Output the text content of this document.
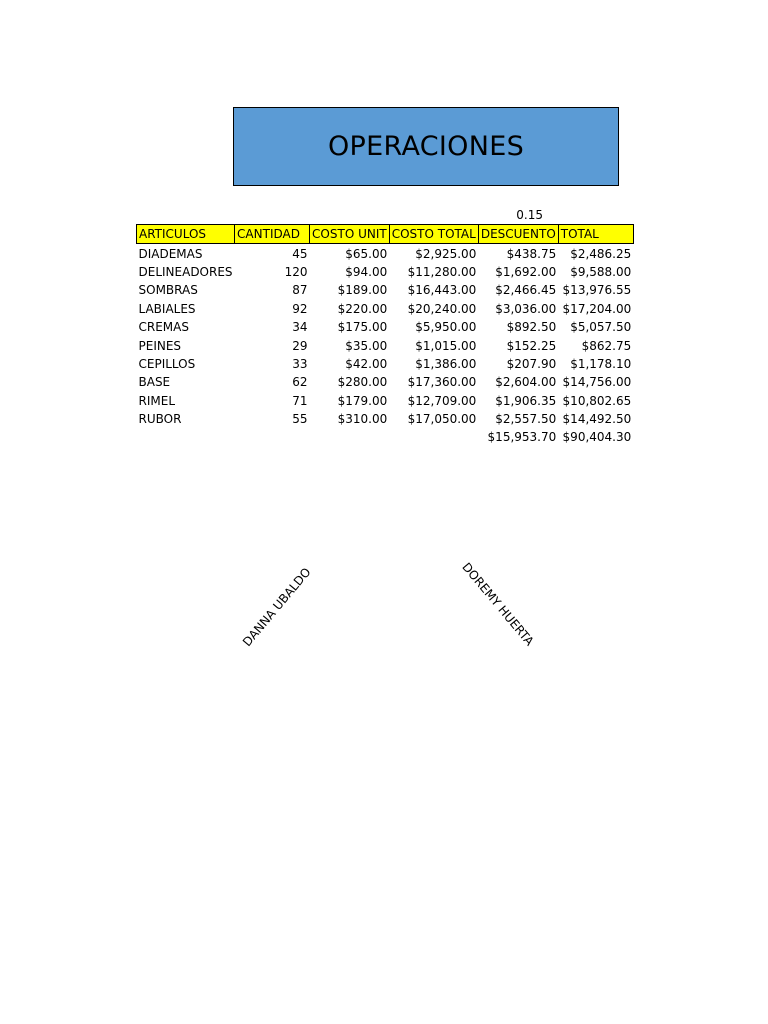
OPERACIONES
0.15
ARTICULOS	CANTIDAD	COSTO UNIT	COSTO TOTAL	DESCUENTO	TOTAL
DIADEMAS	45	$65.00	$2,925.00	$438.75	$2,486.25
DELINEADORES	120	$94.00	$11,280.00	$1,692.00	$9,588.00
SOMBRAS	87	$189.00	$16,443.00	$2,466.45	$13,976.55
LABIALES	92	$220.00	$20,240.00	$3,036.00	$17,204.00
CREMAS	34	$175.00	$5,950.00	$892.50	$5,057.50
PEINES	29	$35.00	$1,015.00	$152.25	$862.75
CEPILLOS	33	$42.00	$1,386.00	$207.90	$1,178.10
BASE	62	$280.00	$17,360.00	$2,604.00	$14,756.00
RIMEL	71	$179.00	$12,709.00	$1,906.35	$10,802.65
RUBOR	55	$310.00	$17,050.00	$2,557.50	$14,492.50
				$15,953.70	$90,404.30
DANNA UBALDO	DOREMY HUERTA
